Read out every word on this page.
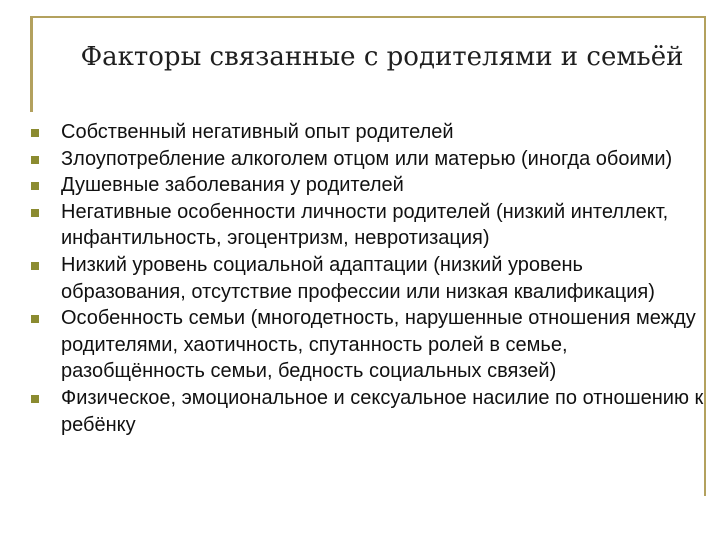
Факторы связанные с родителями и семьёй
Собственный негативный опыт родителей
Злоупотребление алкоголем отцом или матерью (иногда обоими)
Душевные заболевания у родителей
Негативные особенности личности родителей (низкий интеллект, инфантильность, эгоцентризм, невротизация)
Низкий уровень социальной адаптации (низкий уровень образования, отсутствие профессии или низкая квалификация)
Особенность семьи (многодетность, нарушенные отношения между родителями, хаотичность, спутанность ролей в семье, разобщённость семьи, бедность социальных связей)
Физическое, эмоциональное и сексуальное насилие по отношению к ребёнку
